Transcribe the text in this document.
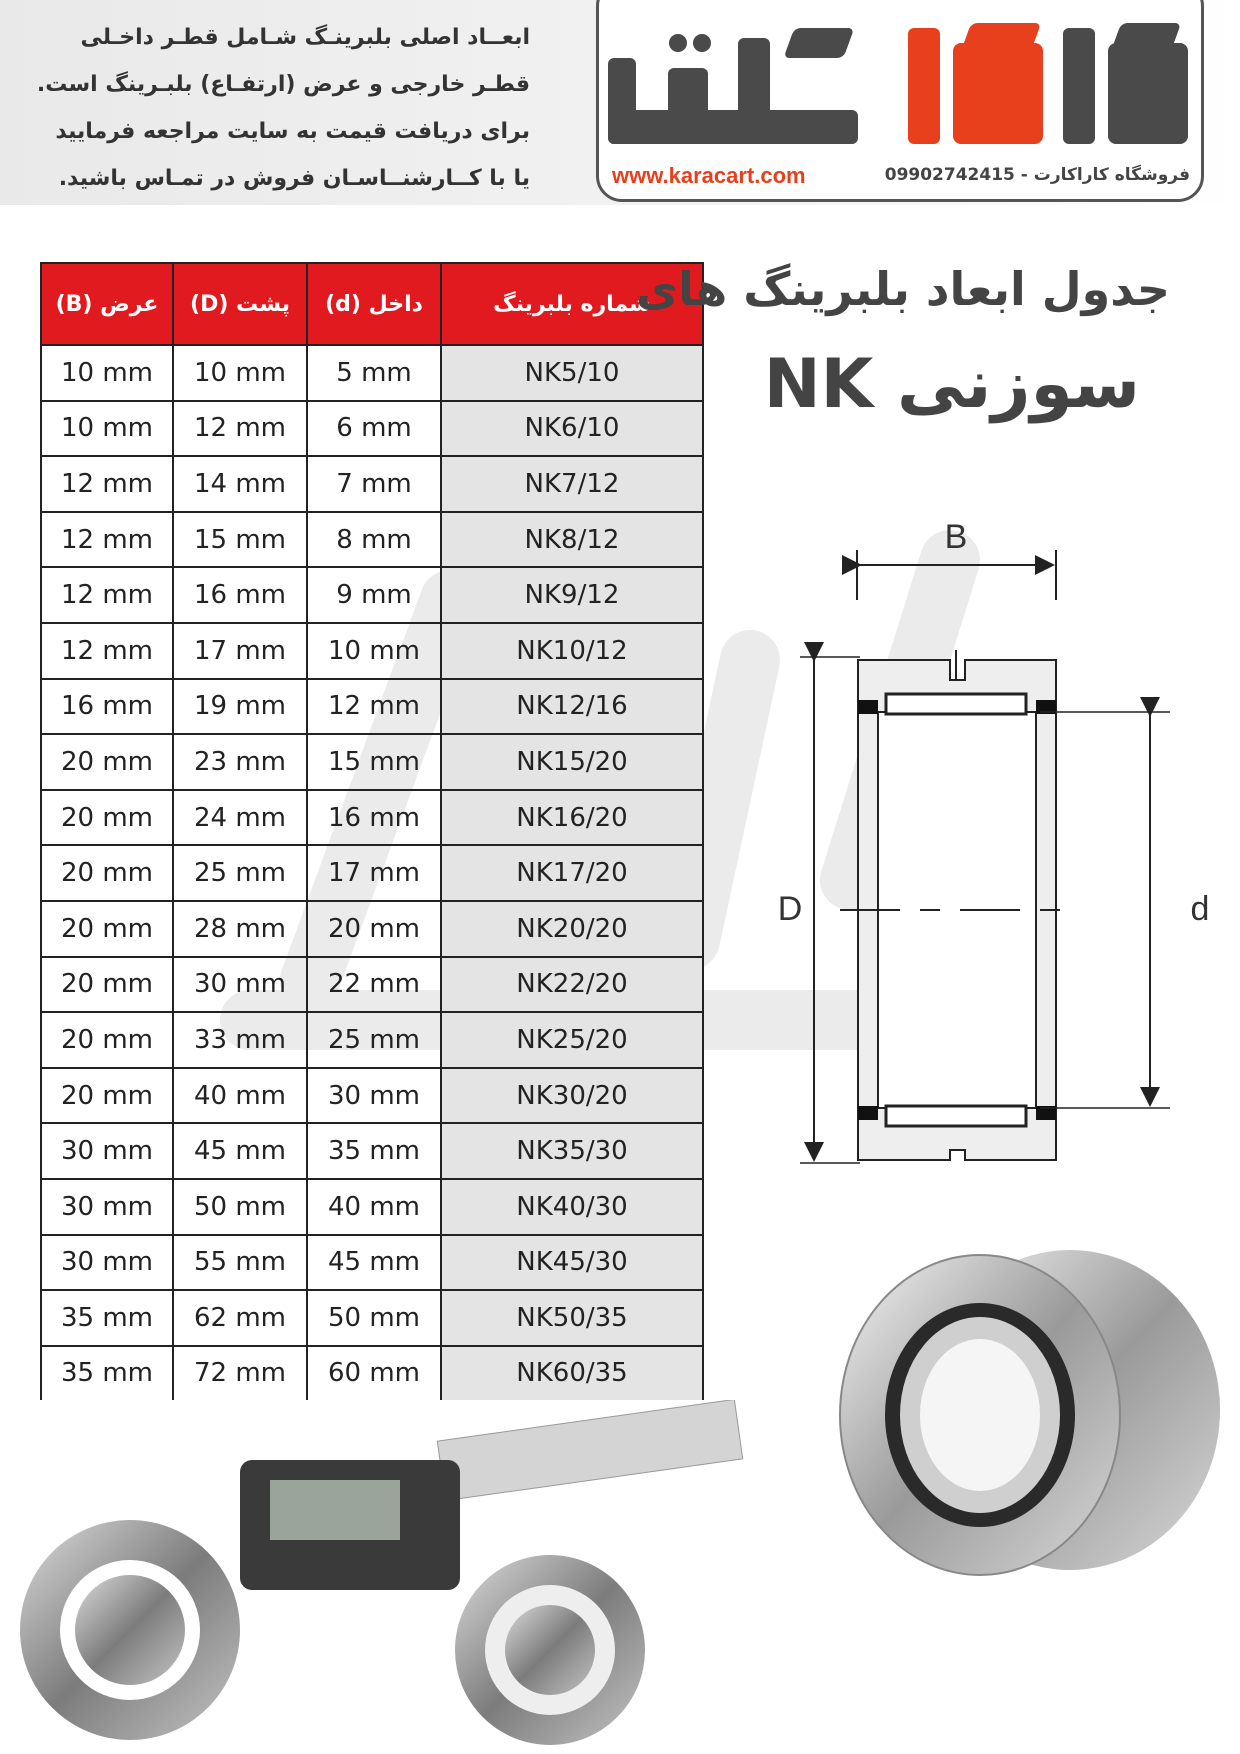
ابعــاد اصلی بلبرینـگ شـامل قطـر داخـلی
قطـر خارجی و عرض (ارتفـاع) بلبـرینگ است.
برای دریافت قیمت به سایت مراجعه فرمایید
یا با کــارشنــاسـان فروش در تمـاس باشید.	www.karacart.com	فروشگاه کاراکارت - 09902742415
عرض (B)	پشت (D)	داخل (d)	شماره بلبرینگ
10 mm	10 mm	5 mm	NK5/10
10 mm	12 mm	6 mm	NK6/10
12 mm	14 mm	7 mm	NK7/12
12 mm	15 mm	8 mm	NK8/12
12 mm	16 mm	9 mm	NK9/12
12 mm	17 mm	10 mm	NK10/12
16 mm	19 mm	12 mm	NK12/16
20 mm	23 mm	15 mm	NK15/20
20 mm	24 mm	16 mm	NK16/20
20 mm	25 mm	17 mm	NK17/20
20 mm	28 mm	20 mm	NK20/20
20 mm	30 mm	22 mm	NK22/20
20 mm	33 mm	25 mm	NK25/20
20 mm	40 mm	30 mm	NK30/20
30 mm	45 mm	35 mm	NK35/30
30 mm	50 mm	40 mm	NK40/30
30 mm	55 mm	45 mm	NK45/30
35 mm	62 mm	50 mm	NK50/35
35 mm	72 mm	60 mm	NK60/35
جدول ابعاد بلبرینگ های
سوزنی NK
B
D	d
